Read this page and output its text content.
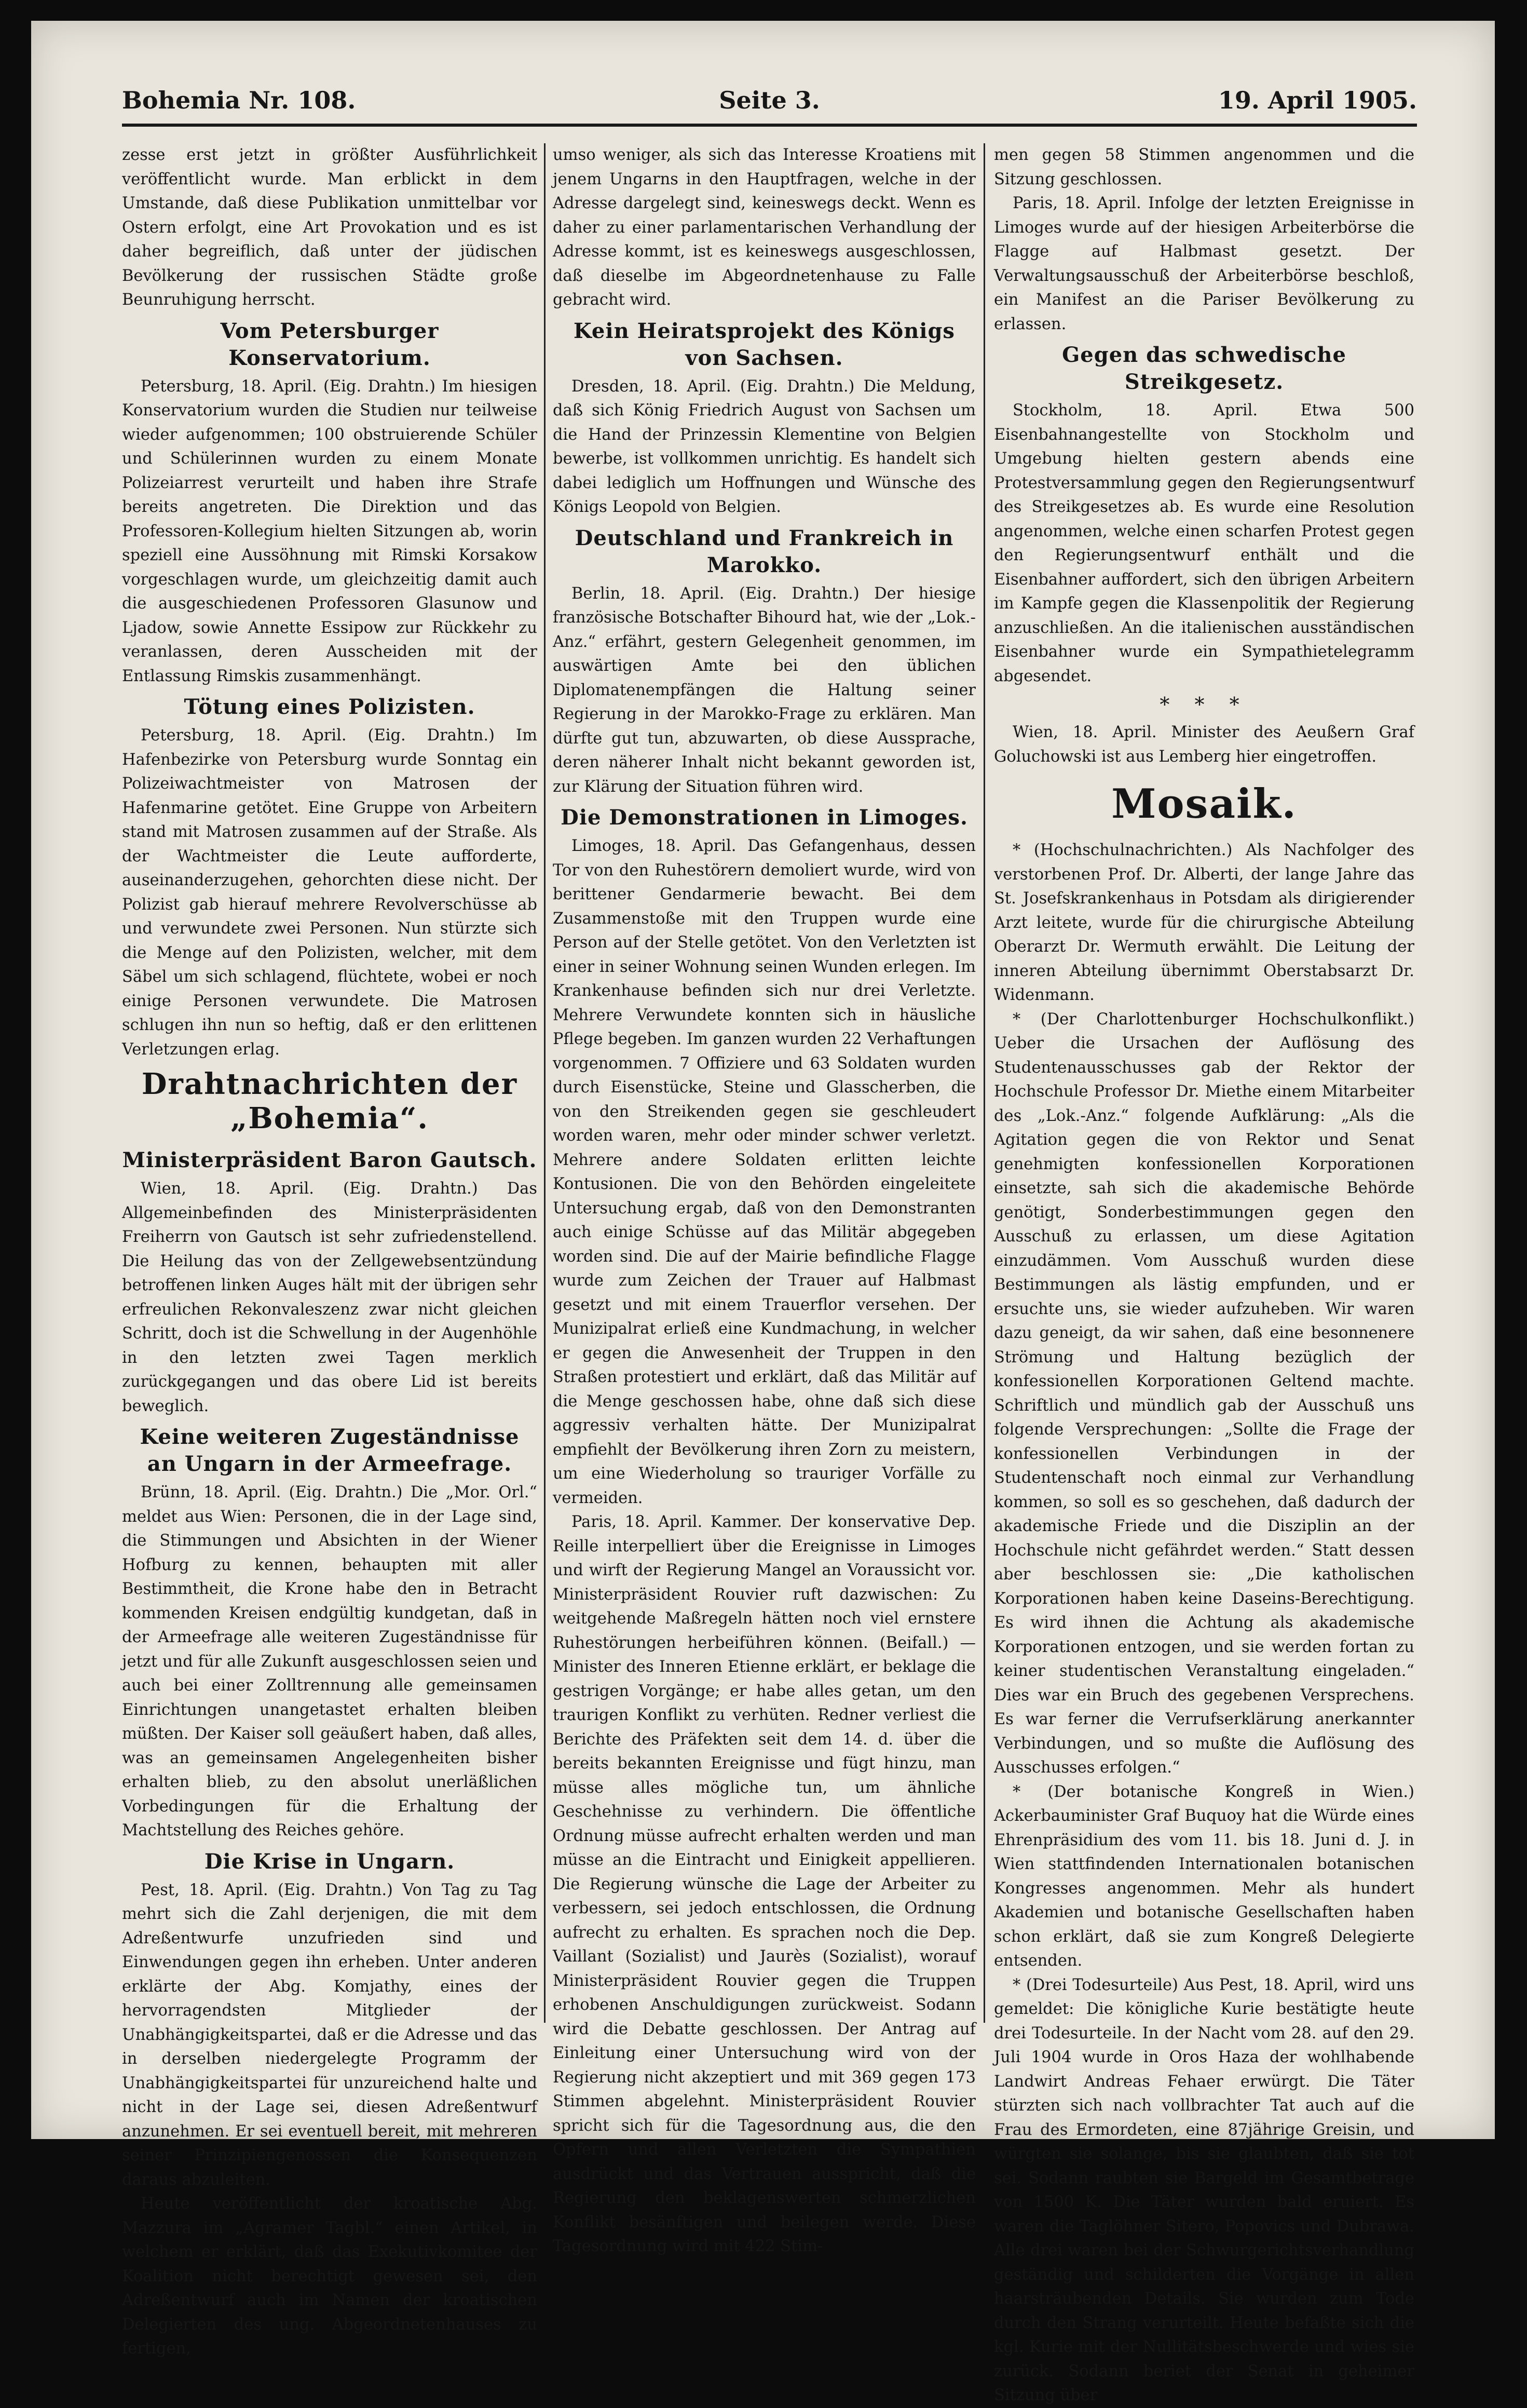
Bohemia Nr. 108.	Seite 3.	19. April 1905.

zesse erst jetzt in größter Ausführlichkeit veröffentlicht wurde. Man erblickt in dem Umstande, daß diese Publikation unmittelbar vor Ostern erfolgt, eine Art Provokation und es ist daher begreiflich, daß unter der jüdischen Bevölkerung der russischen Städte große Beunruhigung herrscht.

Vom Petersburger Konservatorium.

Petersburg, 18. April. (Eig. Drahtn.) Im hiesigen Konservatorium wurden die Studien nur teilweise wieder aufgenommen; 100 obstruierende Schüler und Schülerinnen wurden zu einem Monate Polizeiarrest verurteilt und haben ihre Strafe bereits angetreten. Die Direktion und das Professoren-Kollegium hielten Sitzungen ab, worin speziell eine Aussöhnung mit Rimski Korsakow vorgeschlagen wurde, um gleichzeitig damit auch die ausgeschiedenen Professoren Glasunow und Ljadow, sowie Annette Essipow zur Rückkehr zu veranlassen, deren Ausscheiden mit der Entlassung Rimskis zusammenhängt.

Tötung eines Polizisten.

Petersburg, 18. April. (Eig. Drahtn.) Im Hafenbezirke von Petersburg wurde Sonntag ein Polizeiwachtmeister von Matrosen der Hafenmarine getötet. Eine Gruppe von Arbeitern stand mit Matrosen zusammen auf der Straße. Als der Wachtmeister die Leute aufforderte, auseinanderzugehen, gehorchten diese nicht. Der Polizist gab hierauf mehrere Revolverschüsse ab und verwundete zwei Personen. Nun stürzte sich die Menge auf den Polizisten, welcher, mit dem Säbel um sich schlagend, flüchtete, wobei er noch einige Personen verwundete. Die Matrosen schlugen ihn nun so heftig, daß er den erlittenen Verletzungen erlag.

Drahtnachrichten der „Bohemia“.
Ministerpräsident Baron Gautsch.

Wien, 18. April. (Eig. Drahtn.) Das Allgemeinbefinden des Ministerpräsidenten Freiherrn von Gautsch ist sehr zufriedenstellend. Die Heilung das von der Zellgewebsentzündung betroffenen linken Auges hält mit der übrigen sehr erfreulichen Rekonvaleszenz zwar nicht gleichen Schritt, doch ist die Schwellung in der Augenhöhle in den letzten zwei Tagen merklich zurückgegangen und das obere Lid ist bereits beweglich.

Keine weiteren Zugeständnisse an Ungarn in der Armeefrage.

Brünn, 18. April. (Eig. Drahtn.) Die „Mor. Orl.“ meldet aus Wien: Personen, die in der Lage sind, die Stimmungen und Absichten in der Wiener Hofburg zu kennen, behaupten mit aller Bestimmtheit, die Krone habe den in Betracht kommenden Kreisen endgültig kundgetan, daß in der Armeefrage alle weiteren Zugeständnisse für jetzt und für alle Zukunft ausgeschlossen seien und auch bei einer Zolltrennung alle gemeinsamen Einrichtungen unangetastet erhalten bleiben müßten. Der Kaiser soll geäußert haben, daß alles, was an gemeinsamen Angelegenheiten bisher erhalten blieb, zu den absolut unerläßlichen Vorbedingungen für die Erhaltung der Machtstellung des Reiches gehöre.

Die Krise in Ungarn.

Pest, 18. April. (Eig. Drahtn.) Von Tag zu Tag mehrt sich die Zahl derjenigen, die mit dem Adreßentwurfe unzufrieden sind und Einwendungen gegen ihn erheben. Unter anderen erklärte der Abg. Komjathy, eines der hervorragendsten Mitglieder der Unabhängigkeitspartei, daß er die Adresse und das in derselben niedergelegte Programm der Unabhängigkeitspartei für unzureichend halte und nicht in der Lage sei, diesen Adreßentwurf anzunehmen. Er sei eventuell bereit, mit mehreren seiner Prinzipiengenossen die Konsequenzen daraus abzuleiten.

Heute veröffentlicht der kroatische Abg. Mazzura im „Agramer Tagbl.“ einen Artikel, in welchem er erklärt, daß das Exekutivkomitee der Koalition nicht berechtigt gewesen sei, den Adreßentwurf auch im Namen der kroatischen Delegierten des ung. Abgeordnetenhauses zu fertigen,

umso weniger, als sich das Interesse Kroatiens mit jenem Ungarns in den Hauptfragen, welche in der Adresse dargelegt sind, keineswegs deckt. Wenn es daher zu einer parlamentarischen Verhandlung der Adresse kommt, ist es keineswegs ausgeschlossen, daß dieselbe im Abgeordnetenhause zu Falle gebracht wird.

Kein Heiratsprojekt des Königs von Sachsen.

Dresden, 18. April. (Eig. Drahtn.) Die Meldung, daß sich König Friedrich August von Sachsen um die Hand der Prinzessin Klementine von Belgien bewerbe, ist vollkommen unrichtig. Es handelt sich dabei lediglich um Hoffnungen und Wünsche des Königs Leopold von Belgien.

Deutschland und Frankreich in Marokko.

Berlin, 18. April. (Eig. Drahtn.) Der hiesige französische Botschafter Bihourd hat, wie der „Lok.-Anz.“ erfährt, gestern Gelegenheit genommen, im auswärtigen Amte bei den üblichen Diplomatenempfängen die Haltung seiner Regierung in der Marokko-Frage zu erklären. Man dürfte gut tun, abzuwarten, ob diese Aussprache, deren näherer Inhalt nicht bekannt geworden ist, zur Klärung der Situation führen wird.

Die Demonstrationen in Limoges.

Limoges, 18. April. Das Gefangenhaus, dessen Tor von den Ruhestörern demoliert wurde, wird von berittener Gendarmerie bewacht. Bei dem Zusammenstoße mit den Truppen wurde eine Person auf der Stelle getötet. Von den Verletzten ist einer in seiner Wohnung seinen Wunden erlegen. Im Krankenhause befinden sich nur drei Verletzte. Mehrere Verwundete konnten sich in häusliche Pflege begeben. Im ganzen wurden 22 Verhaftungen vorgenommen. 7 Offiziere und 63 Soldaten wurden durch Eisenstücke, Steine und Glasscherben, die von den Streikenden gegen sie geschleudert worden waren, mehr oder minder schwer verletzt. Mehrere andere Soldaten erlitten leichte Kontusionen. Die von den Behörden eingeleitete Untersuchung ergab, daß von den Demonstranten auch einige Schüsse auf das Militär abgegeben worden sind. Die auf der Mairie befindliche Flagge wurde zum Zeichen der Trauer auf Halbmast gesetzt und mit einem Trauerflor versehen. Der Munizipalrat erließ eine Kundmachung, in welcher er gegen die Anwesenheit der Truppen in den Straßen protestiert und erklärt, daß das Militär auf die Menge geschossen habe, ohne daß sich diese aggressiv verhalten hätte. Der Munizipalrat empfiehlt der Bevölkerung ihren Zorn zu meistern, um eine Wiederholung so trauriger Vorfälle zu vermeiden.

Paris, 18. April. Kammer. Der konservative Dep. Reille interpelliert über die Ereignisse in Limoges und wirft der Regierung Mangel an Voraussicht vor. Ministerpräsident Rouvier ruft dazwischen: Zu weitgehende Maßregeln hätten noch viel ernstere Ruhestörungen herbeiführen können. (Beifall.) — Minister des Inneren Etienne erklärt, er beklage die gestrigen Vorgänge; er habe alles getan, um den traurigen Konflikt zu verhüten. Redner verliest die Berichte des Präfekten seit dem 14. d. über die bereits bekannten Ereignisse und fügt hinzu, man müsse alles mögliche tun, um ähnliche Geschehnisse zu verhindern. Die öffentliche Ordnung müsse aufrecht erhalten werden und man müsse an die Eintracht und Einigkeit appellieren. Die Regierung wünsche die Lage der Arbeiter zu verbessern, sei jedoch entschlossen, die Ordnung aufrecht zu erhalten. Es sprachen noch die Dep. Vaillant (Sozialist) und Jaurès (Sozialist), worauf Ministerpräsident Rouvier gegen die Truppen erhobenen Anschuldigungen zurückweist. Sodann wird die Debatte geschlossen. Der Antrag auf Einleitung einer Untersuchung wird von der Regierung nicht akzeptiert und mit 369 gegen 173 Stimmen abgelehnt. Ministerpräsident Rouvier spricht sich für die Tagesordnung aus, die den Opfern und allen Verletzten die Sympathien ausdrückt und das Vertrauen ausspricht, daß die Regierung den beklagenswerten schmerzlichen Konflikt besänftigen und beilegen werde. Diese Tagesordnung wird mit 422 Stim-

men gegen 58 Stimmen angenommen und die Sitzung geschlossen.

Paris, 18. April. Infolge der letzten Ereignisse in Limoges wurde auf der hiesigen Arbeiterbörse die Flagge auf Halbmast gesetzt. Der Verwaltungsausschuß der Arbeiterbörse beschloß, ein Manifest an die Pariser Bevölkerung zu erlassen.

Gegen das schwedische Streikgesetz.

Stockholm, 18. April. Etwa 500 Eisenbahnangestellte von Stockholm und Umgebung hielten gestern abends eine Protestversammlung gegen den Regierungsentwurf des Streikgesetzes ab. Es wurde eine Resolution angenommen, welche einen scharfen Protest gegen den Regierungsentwurf enthält und die Eisenbahner auffordert, sich den übrigen Arbeitern im Kampfe gegen die Klassenpolitik der Regierung anzuschließen. An die italienischen ausständischen Eisenbahner wurde ein Sympathietelegramm abgesendet.

* * *

Wien, 18. April. Minister des Aeußern Graf Goluchowski ist aus Lemberg hier eingetroffen.

Mosaik.

* (Hochschulnachrichten.) Als Nachfolger des verstorbenen Prof. Dr. Alberti, der lange Jahre das St. Josefskrankenhaus in Potsdam als dirigierender Arzt leitete, wurde für die chirurgische Abteilung Oberarzt Dr. Wermuth erwählt. Die Leitung der inneren Abteilung übernimmt Oberstabsarzt Dr. Widenmann.

* (Der Charlottenburger Hochschulkonflikt.) Ueber die Ursachen der Auflösung des Studentenausschusses gab der Rektor der Hochschule Professor Dr. Miethe einem Mitarbeiter des „Lok.-Anz.“ folgende Aufklärung: „Als die Agitation gegen die von Rektor und Senat genehmigten konfessionellen Korporationen einsetzte, sah sich die akademische Behörde genötigt, Sonderbestimmungen gegen den Ausschuß zu erlassen, um diese Agitation einzudämmen. Vom Ausschuß wurden diese Bestimmungen als lästig empfunden, und er ersuchte uns, sie wieder aufzuheben. Wir waren dazu geneigt, da wir sahen, daß eine besonnenere Strömung und Haltung bezüglich der konfessionellen Korporationen Geltend machte. Schriftlich und mündlich gab der Ausschuß uns folgende Versprechungen: „Sollte die Frage der konfessionellen Verbindungen in der Studentenschaft noch einmal zur Verhandlung kommen, so soll es so geschehen, daß dadurch der akademische Friede und die Disziplin an der Hochschule nicht gefährdet werden.“ Statt dessen aber beschlossen sie: „Die katholischen Korporationen haben keine Daseins-Berechtigung. Es wird ihnen die Achtung als akademische Korporationen entzogen, und sie werden fortan zu keiner studentischen Veranstaltung eingeladen.“ Dies war ein Bruch des gegebenen Versprechens. Es war ferner die Verrufserklärung anerkannter Verbindungen, und so mußte die Auflösung des Ausschusses erfolgen.“

* (Der botanische Kongreß in Wien.) Ackerbauminister Graf Buquoy hat die Würde eines Ehrenpräsidium des vom 11. bis 18. Juni d. J. in Wien stattfindenden Internationalen botanischen Kongresses angenommen. Mehr als hundert Akademien und botanische Gesellschaften haben schon erklärt, daß sie zum Kongreß Delegierte entsenden.

* (Drei Todesurteile) Aus Pest, 18. April, wird uns gemeldet: Die königliche Kurie bestätigte heute drei Todesurteile. In der Nacht vom 28. auf den 29. Juli 1904 wurde in Oros Haza der wohlhabende Landwirt Andreas Fehaer erwürgt. Die Täter stürzten sich nach vollbrachter Tat auch auf die Frau des Ermordeten, eine 87jährige Greisin, und würgten sie solange, bis sie glaubten, daß sie tot sei. Sodann raubten sie Bargeld im Gesamtbetrage von 1500 K. Die Täter wurden bald eruiert. Es waren die Taglöhner Sitero, Popovics und Dubrawa. Alle drei waren bei der Schwurgerichtsverhandlung geständig und schilderten die Vorgänge in allen haarsträubenden Details. Sie wurden zum Tode durch den Strang verurteilt. Heute befaßte sich die kgl. Kurie mit der Nullitätsbeschwerde und wies sie zurück. Sodann beriet der Senat in geheimer Sitzung über
